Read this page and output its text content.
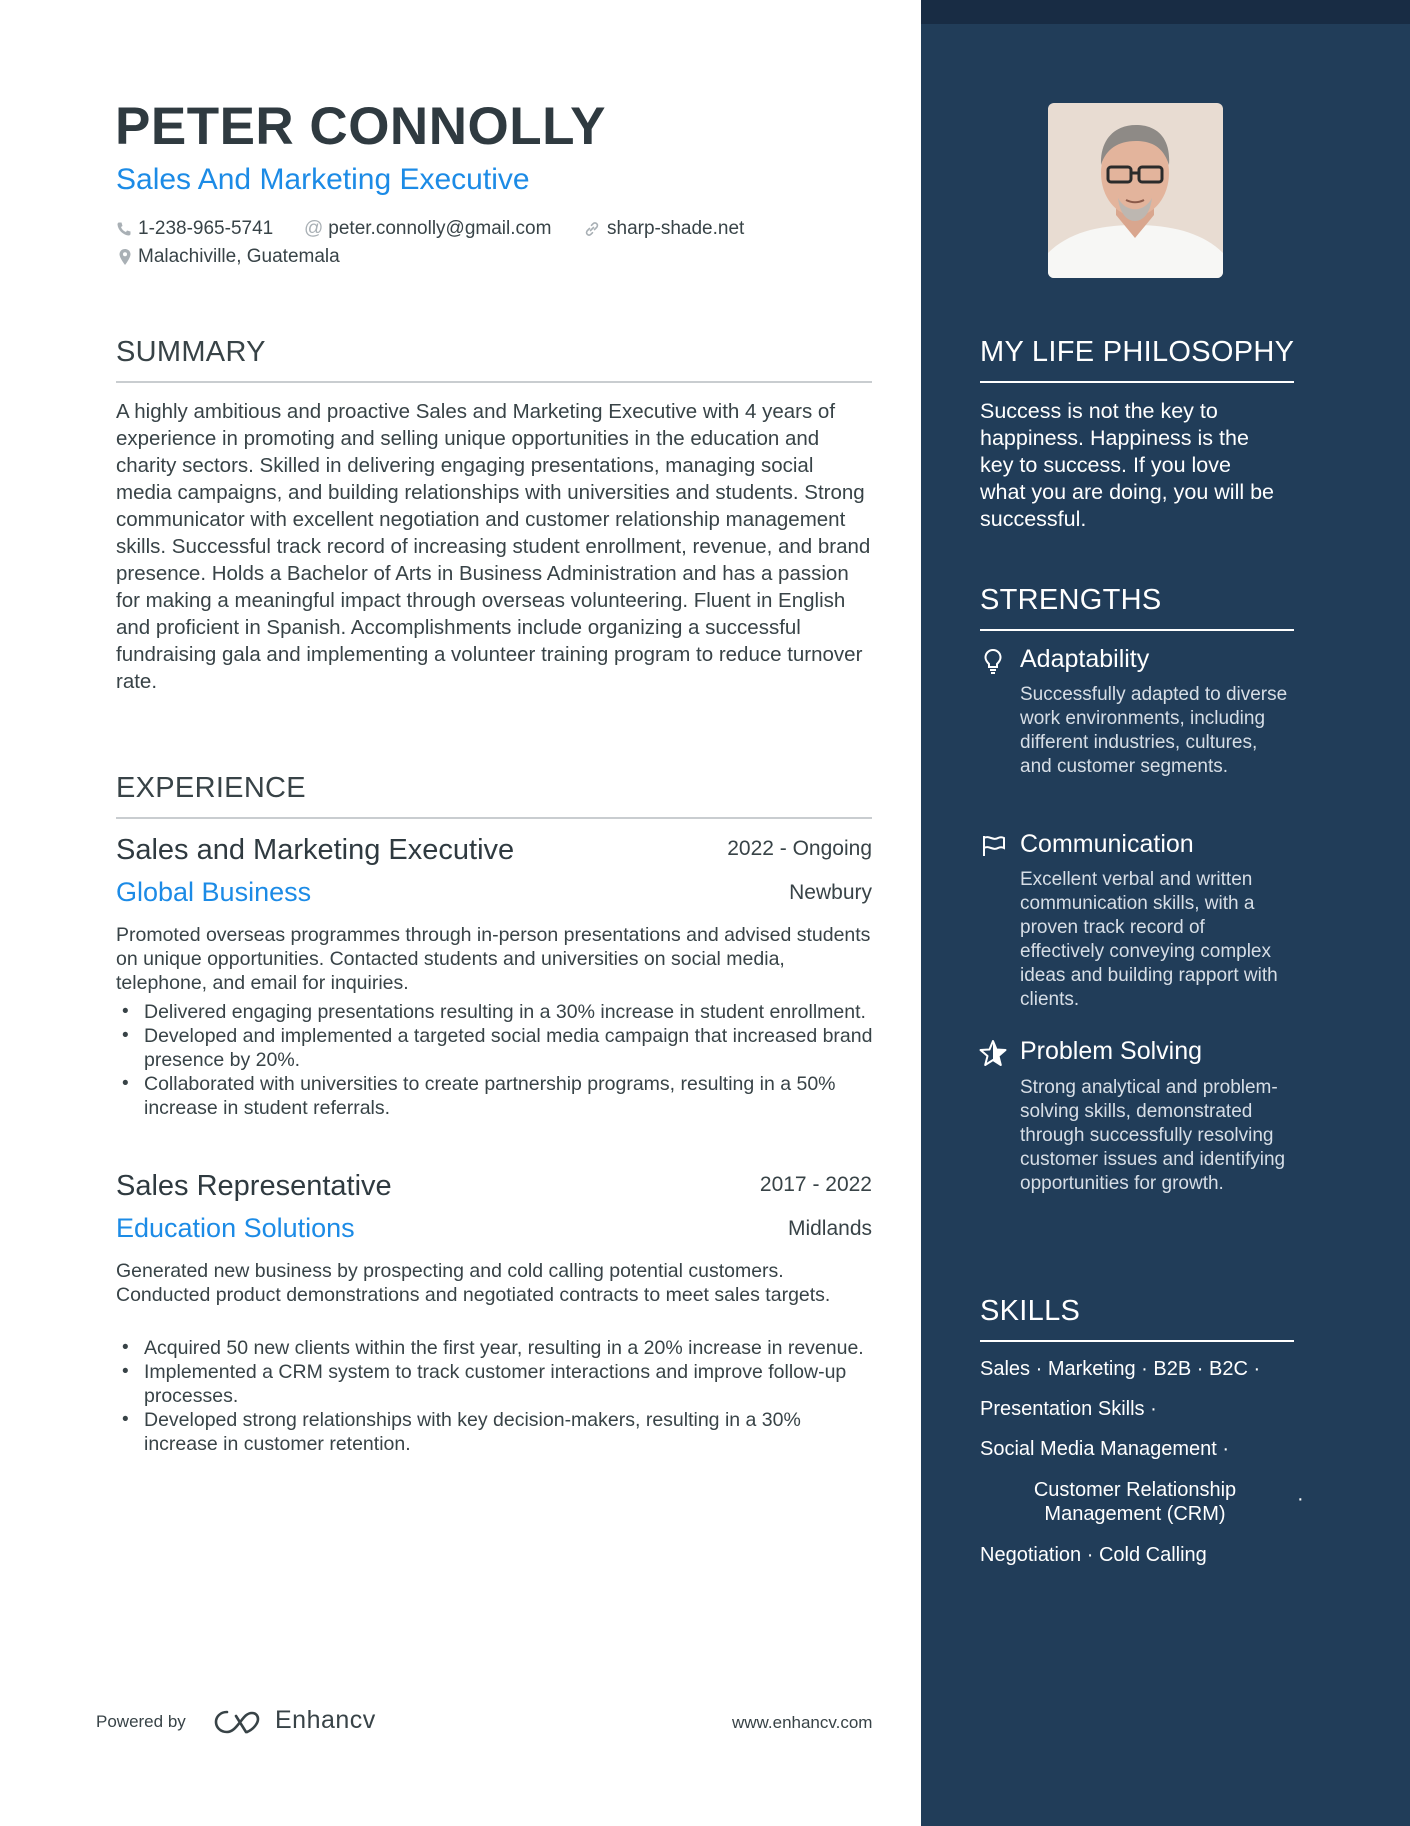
PETER CONNOLLY
Sales And Marketing Executive
1-238-965-5741 @ peter.connolly@gmail.com	sharp-shade.net
Malachiville, Guatemala
SUMMARY
A highly ambitious and proactive Sales and Marketing Executive with 4 years of experience in promoting and selling unique opportunities in the education and charity sectors. Skilled in delivering engaging presentations, managing social media campaigns, and building relationships with universities and students. Strong communicator with excellent negotiation and customer relationship management skills. Successful track record of increasing student enrollment, revenue, and brand presence. Holds a Bachelor of Arts in Business Administration and has a passion for making a meaningful impact through overseas volunteering. Fluent in English and proficient in Spanish. Accomplishments include organizing a successful fundraising gala and implementing a volunteer training program to reduce turnover rate.
EXPERIENCE
Sales and Marketing Executive	2022 - Ongoing
Global Business	Newbury
Promoted overseas programmes through in-person presentations and advised students on unique opportunities. Contacted students and universities on social media, telephone, and email for inquiries.
• Delivered engaging presentations resulting in a 30% increase in student enrollment.
• Developed and implemented a targeted social media campaign that increased brand presence by 20%.
• Collaborated with universities to create partnership programs, resulting in a 50% increase in student referrals.
Sales Representative	2017 - 2022
Education Solutions	Midlands
Generated new business by prospecting and cold calling potential customers. Conducted product demonstrations and negotiated contracts to meet sales targets.
• Acquired 50 new clients within the first year, resulting in a 20% increase in revenue.
• Implemented a CRM system to track customer interactions and improve follow-up processes.
• Developed strong relationships with key decision-makers, resulting in a 30% increase in customer retention.
Powered by	Enhancv	www.enhancv.com
MY LIFE PHILOSOPHY
Success is not the key to happiness. Happiness is the key to success. If you love what you are doing, you will be successful.
STRENGTHS
Adaptability
Successfully adapted to diverse work environments, including different industries, cultures, and customer segments.
Communication
Excellent verbal and written communication skills, with a proven track record of effectively conveying complex ideas and building rapport with clients.
Problem Solving
Strong analytical and problem-solving skills, demonstrated through successfully resolving customer issues and identifying opportunities for growth.
SKILLS
Sales · Marketing · B2B · B2C ·
Presentation Skills ·
Social Media Management ·
Customer Relationship Management (CRM)
·
Negotiation · Cold Calling
